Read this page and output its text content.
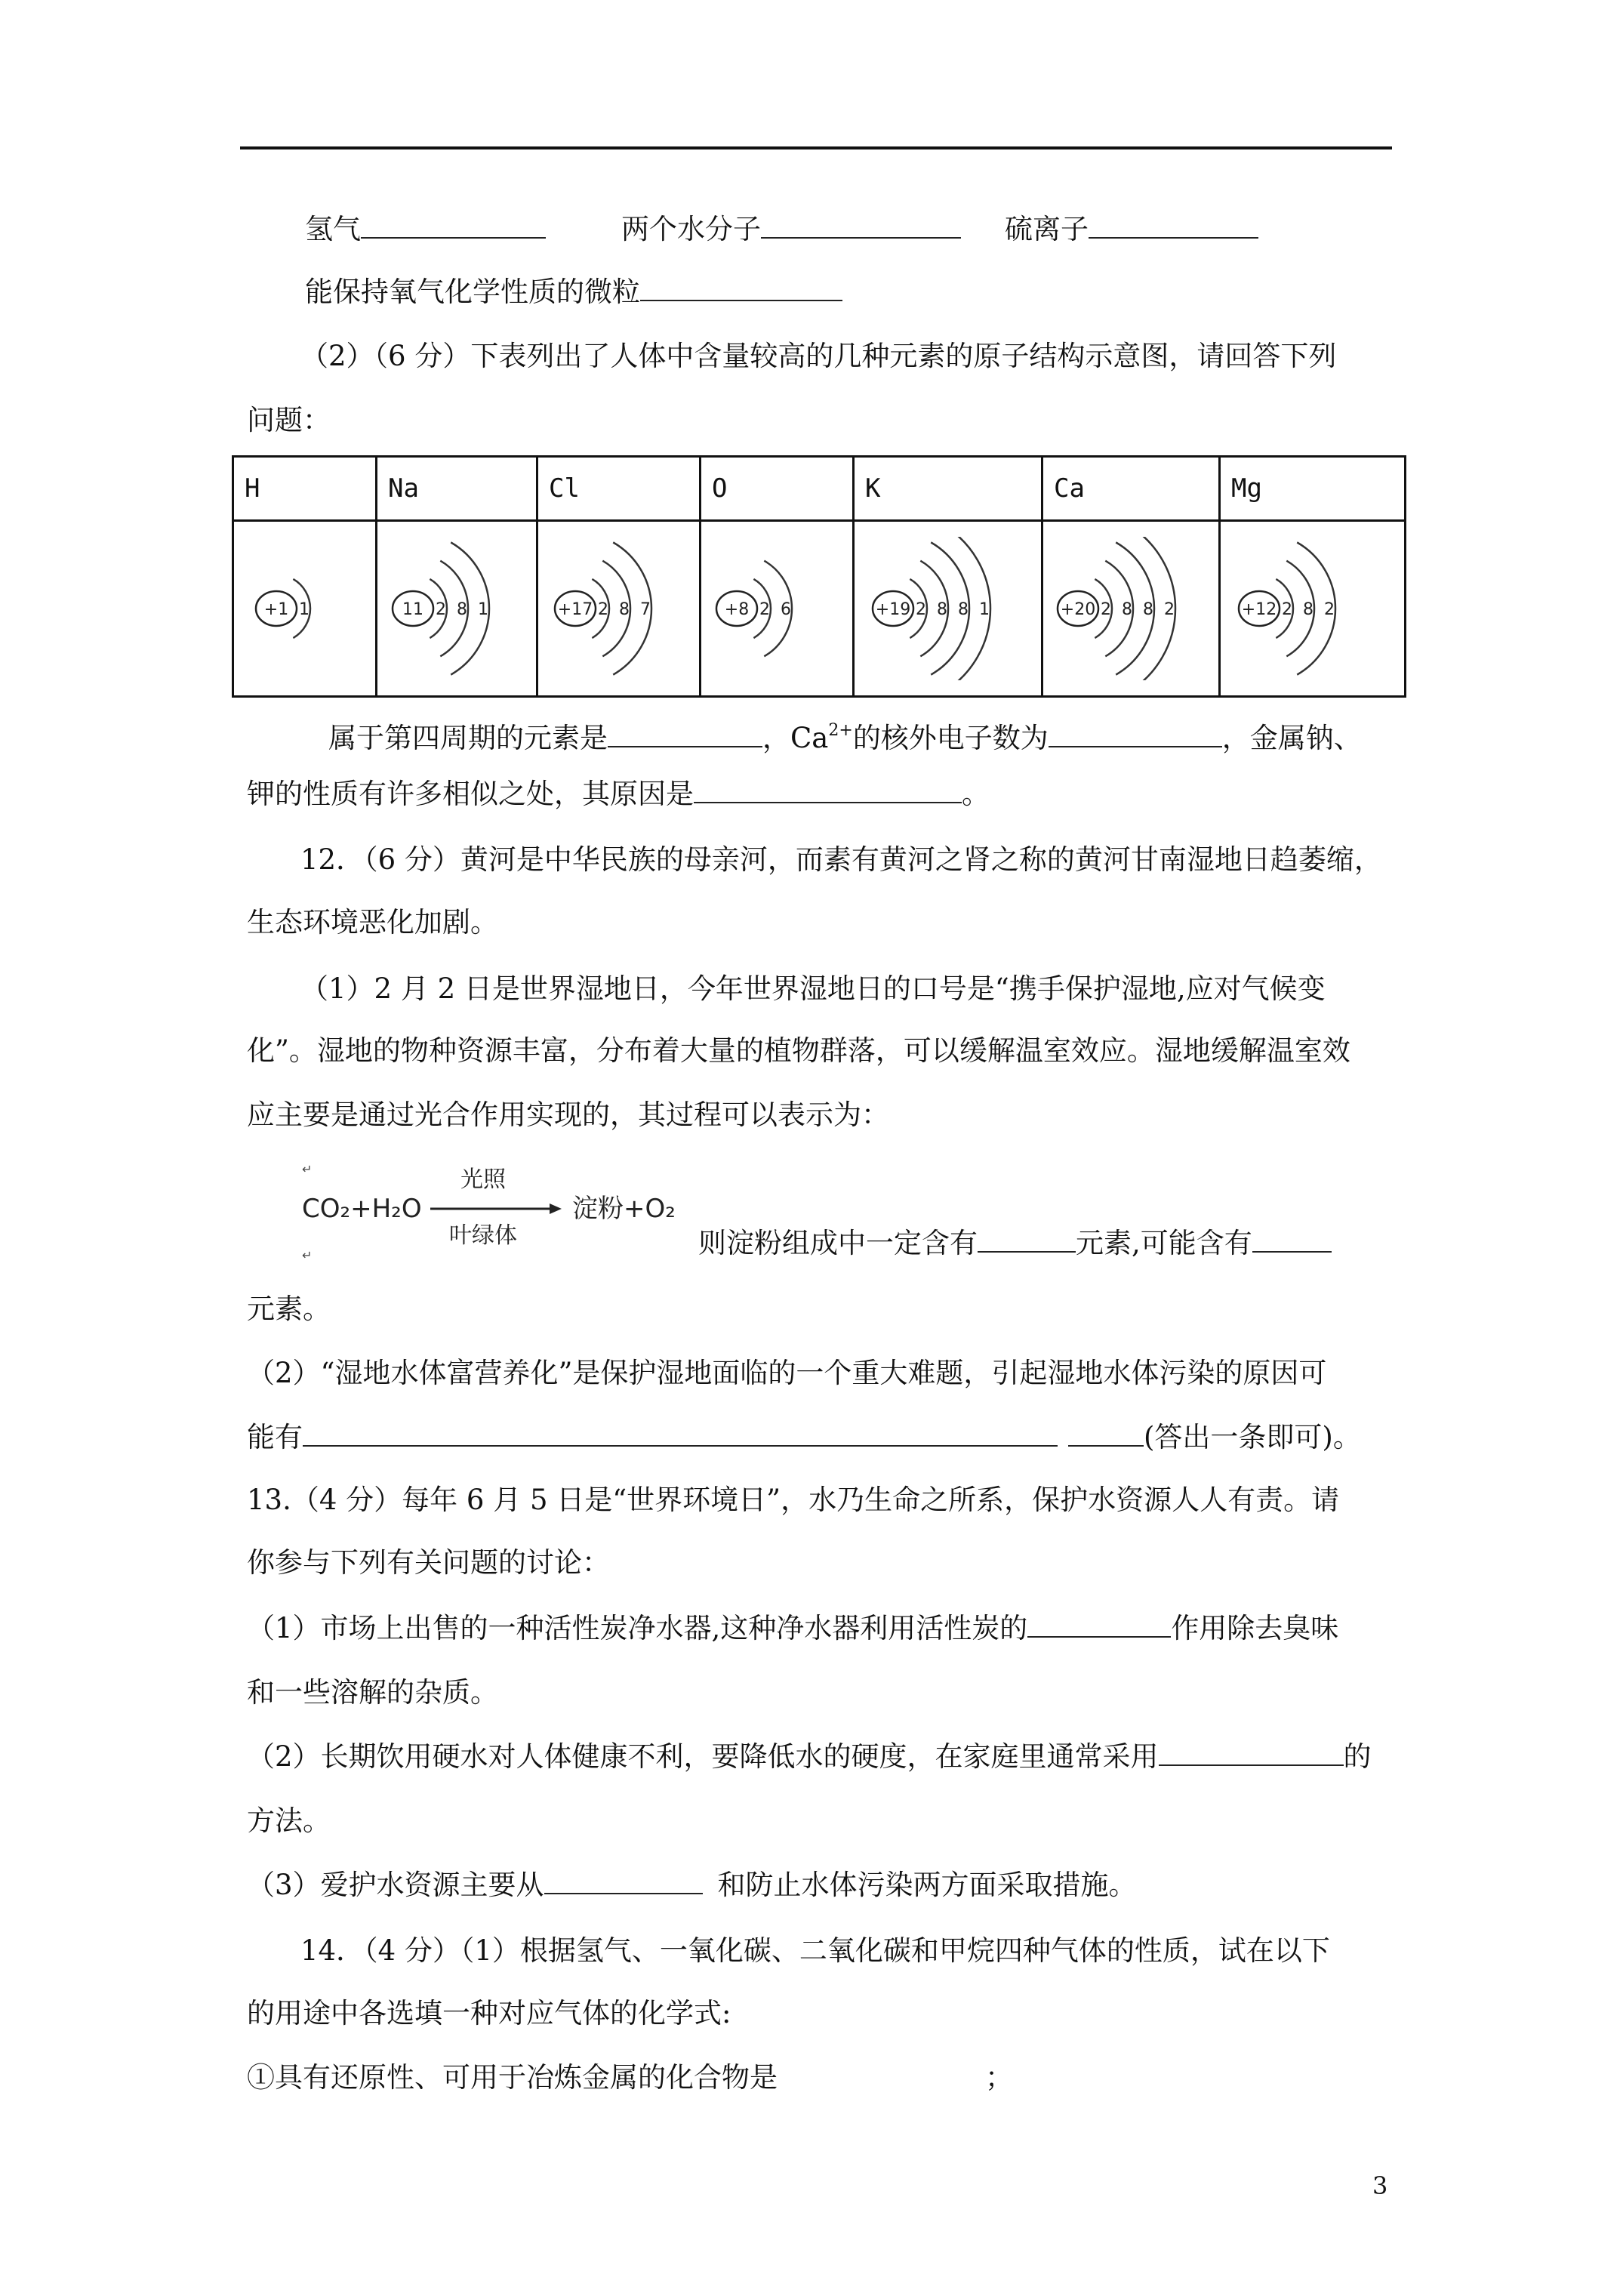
氢气	两个水分子	硫离子
能保持氧气化学性质的微粒
（2）（6 分）下表列出了人体中含量较高的几种元素的原子结构示意图，请回答下列
问题：
H	Na	Cl	O	K	Ca	Mg

+1 1	11 2 8 1	+17 2 8 7	+8 2 6	+19 2 8 8 1	+20 2 8 8 2	+12 2 8 2
属于第四周期的元素是	，$Ca^{2+}$的核外电子数为	，金属钠、
钾的性质有许多相似之处，其原因是	。
12．（6 分）黄河是中华民族的母亲河，而素有黄河之肾之称的黄河甘南湿地日趋萎缩，
生态环境恶化加剧。
（1）2 月 2 日是世界湿地日，今年世界湿地日的口号是“携手保护湿地,应对气候变
化”。湿地的物种资源丰富，分布着大量的植物群落，可以缓解温室效应。湿地缓解温室效
应主要是通过光合作用实现的，其过程可以表示为：
↵
↵
CO₂+H₂O
光照
叶绿体
淀粉+O₂
则淀粉组成中一定含有	元素,可能含有
元素。
（2）“湿地水体富营养化”是保护湿地面临的一个重大难题，引起湿地水体污染的原因可
能有	(答出一条即可)。
13.（4 分）每年 6 月 5 日是“世界环境日”，水乃生命之所系，保护水资源人人有责。请
你参与下列有关问题的讨论：
（1）市场上出售的一种活性炭净水器,这种净水器利用活性炭的	作用除去臭味
和一些溶解的杂质。
（2）长期饮用硬水对人体健康不利，要降低水的硬度，在家庭里通常采用	的
方法。
（3）爱护水资源主要从	和防止水体污染两方面采取措施。
14．（4 分）（1）根据氢气、一氧化碳、二氧化碳和甲烷四种气体的性质，试在以下
的用途中各选填一种对应气体的化学式:
①具有还原性、可用于冶炼金属的化合物是	；
3
